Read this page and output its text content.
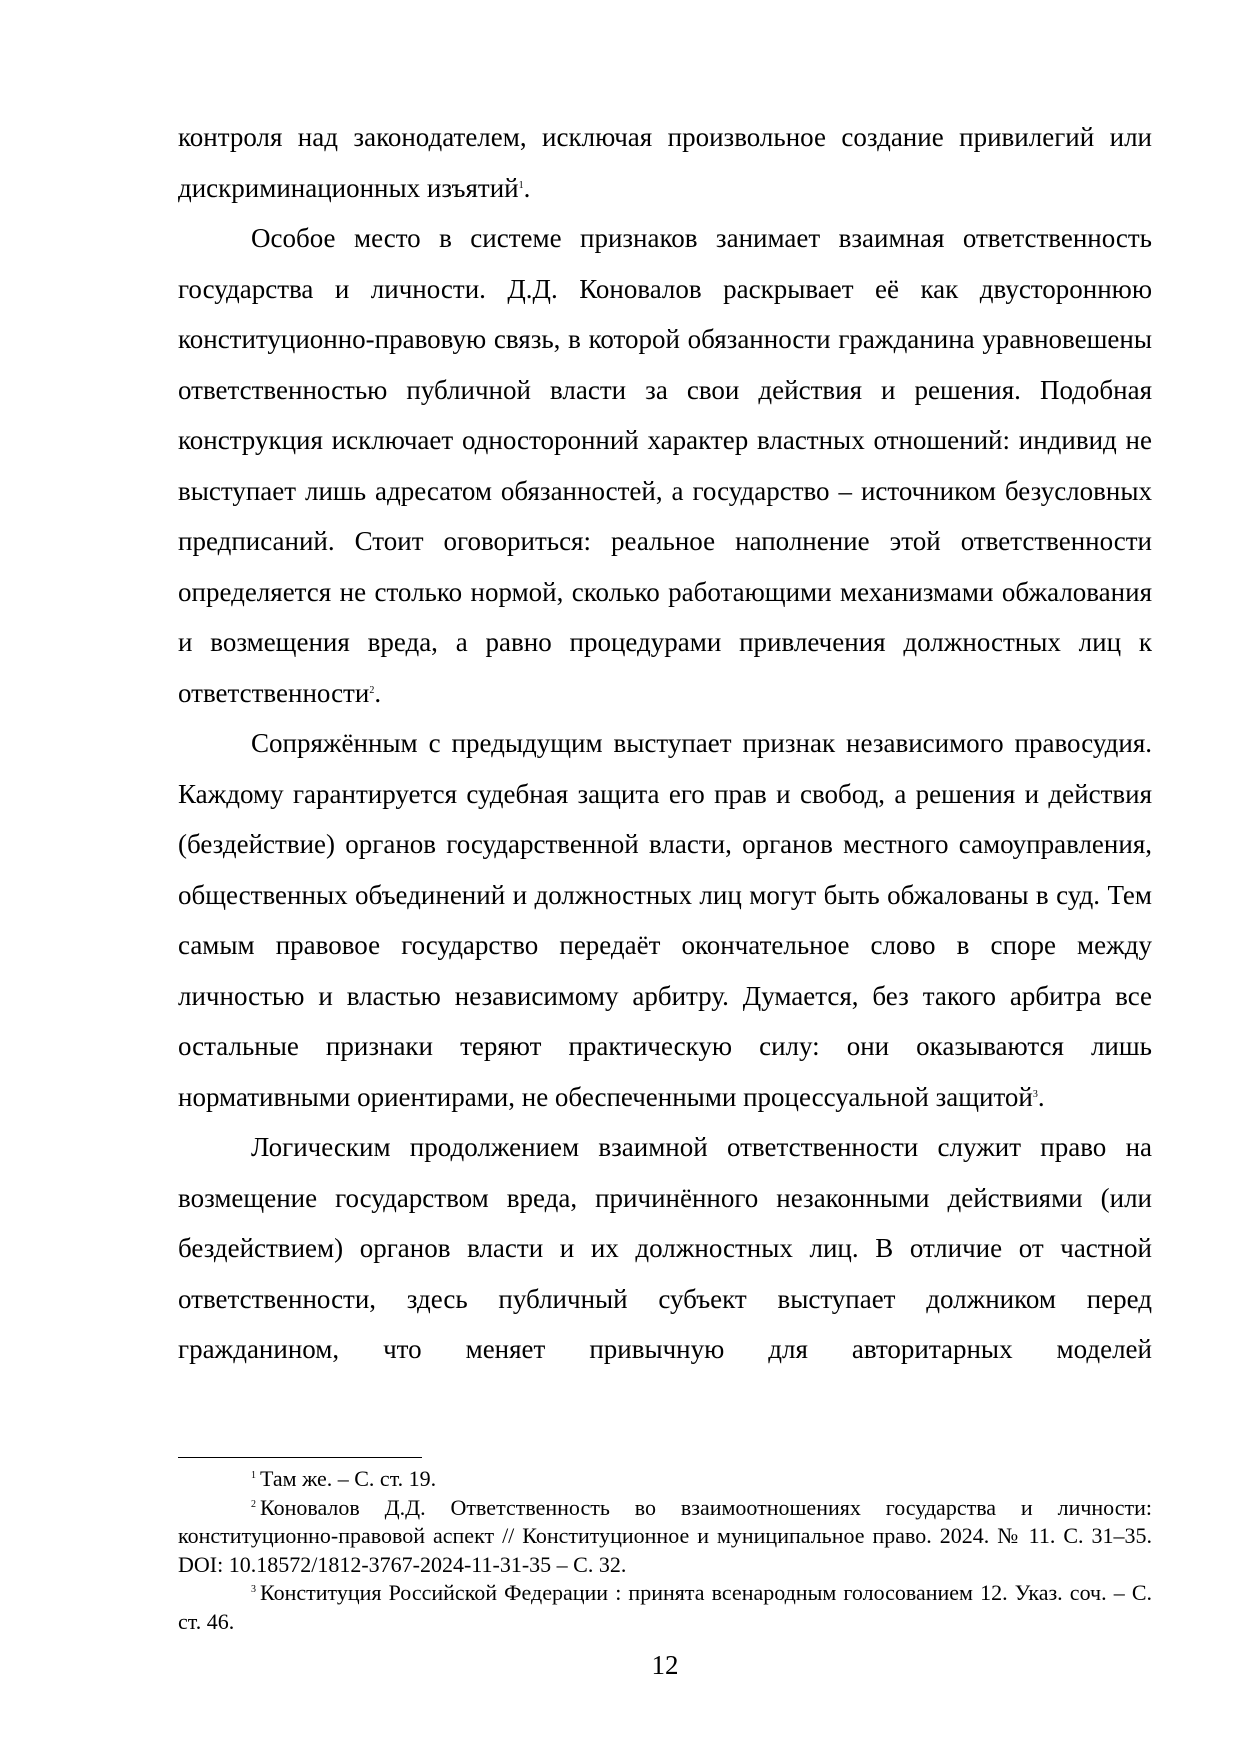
контроля над законодателем, исключая произвольное создание привилегий или дискриминационных изъятий$^1$.

Особое место в системе признаков занимает взаимная ответственность государства и личности. Д.Д. Коновалов раскрывает её как двустороннюю конституционно-правовую связь, в которой обязанности гражданина уравновешены ответственностью публичной власти за свои действия и решения. Подобная конструкция исключает односторонний характер властных отношений: индивид не выступает лишь адресатом обязанностей, а государство – источником безусловных предписаний. Стоит оговориться: реальное наполнение этой ответственности определяется не столько нормой, сколько работающими механизмами обжалования и возмещения вреда, а равно процедурами привлечения должностных лиц к ответственности$^2$.

Сопряжённым с предыдущим выступает признак независимого правосудия. Каждому гарантируется судебная защита его прав и свобод, а решения и действия (бездействие) органов государственной власти, органов местного самоуправления, общественных объединений и должностных лиц могут быть обжалованы в суд. Тем самым правовое государство передаёт окончательное слово в споре между личностью и властью независимому арбитру. Думается, без такого арбитра все остальные признаки теряют практическую силу: они оказываются лишь нормативными ориентирами, не обеспеченными процессуальной защитой$^3$.

Логическим продолжением взаимной ответственности служит право на возмещение государством вреда, причинённого незаконными действиями (или бездействием) органов власти и их должностных лиц. В отличие от частной ответственности, здесь публичный субъект выступает должником перед гражданином, что меняет привычную для авторитарных моделей

$^1$ Там же. – С. ст. 19.

$^2$ Коновалов Д.Д. Ответственность во взаимоотношениях государства и личности: конституционно-правовой аспект // Конституционное и муниципальное право. 2024. № 11. С. 31–35. DOI: 10.18572/1812-3767-2024-11-31-35 – С. 32.

$^3$ Конституция Российской Федерации : принята всенародным голосованием 12. Указ. соч. – С. ст. 46.

12
